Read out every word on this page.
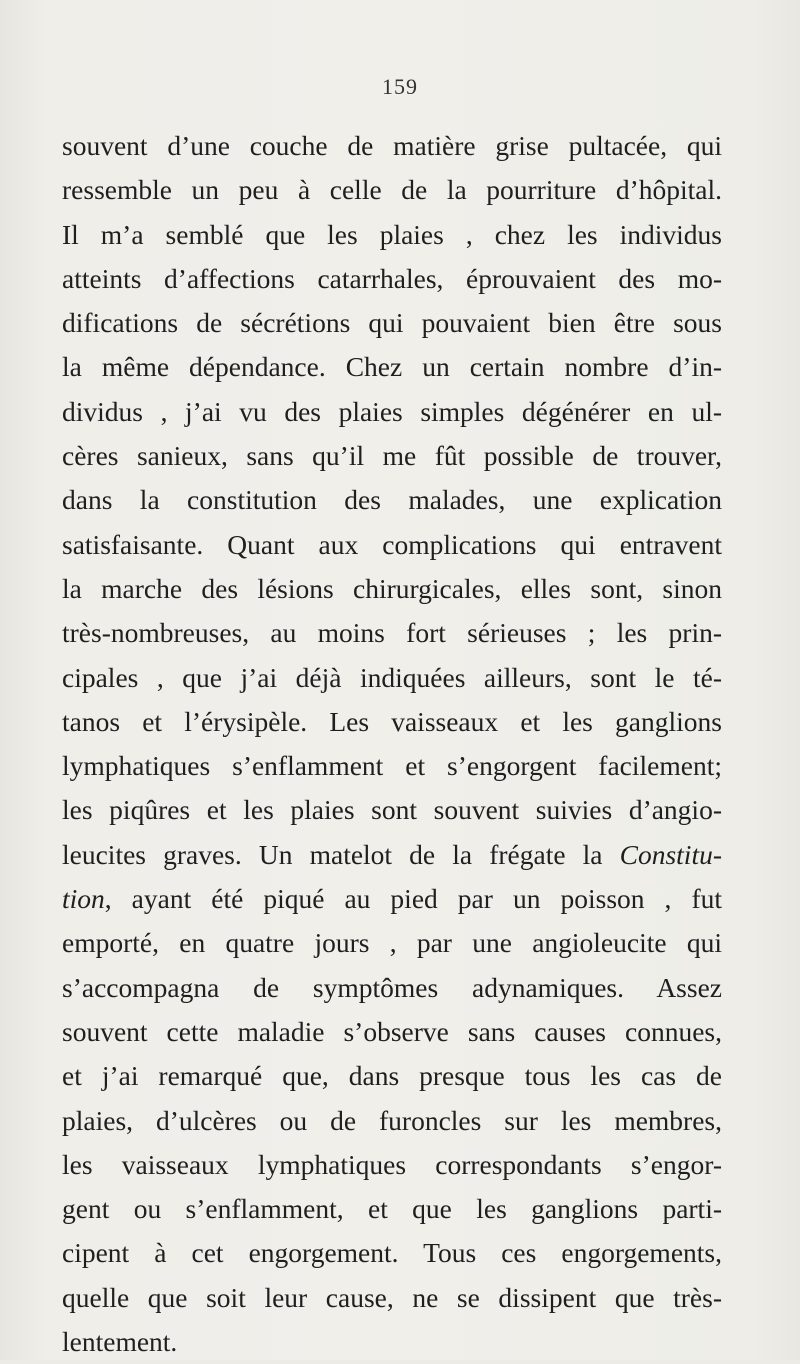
159
souvent d’une couche de matière grise pultacée, qui
ressemble un peu à celle de la pourriture d’hôpital.
Il m’a semblé que les plaies , chez les individus
atteints d’affections catarrhales, éprouvaient des mo-
difications de sécrétions qui pouvaient bien être sous
la même dépendance. Chez un certain nombre d’in-
dividus , j’ai vu des plaies simples dégénérer en ul-
cères sanieux, sans qu’il me fût possible de trouver,
dans la constitution des malades, une explication
satisfaisante. Quant aux complications qui entravent
la marche des lésions chirurgicales, elles sont, sinon
très-nombreuses, au moins fort sérieuses ; les prin-
cipales , que j’ai déjà indiquées ailleurs, sont le té-
tanos et l’érysipèle. Les vaisseaux et les ganglions
lymphatiques s’enflamment et s’engorgent facilement;
les piqûres et les plaies sont souvent suivies d’angio-
leucites graves. Un matelot de la frégate la Constitu-
tion, ayant été piqué au pied par un poisson , fut
emporté, en quatre jours , par une angioleucite qui
s’accompagna de symptômes adynamiques. Assez
souvent cette maladie s’observe sans causes connues,
et j’ai remarqué que, dans presque tous les cas de
plaies, d’ulcères ou de furoncles sur les membres,
les vaisseaux lymphatiques correspondants s’engor-
gent ou s’enflamment, et que les ganglions parti-
cipent à cet engorgement. Tous ces engorgements,
quelle que soit leur cause, ne se dissipent que très-
lentement.
